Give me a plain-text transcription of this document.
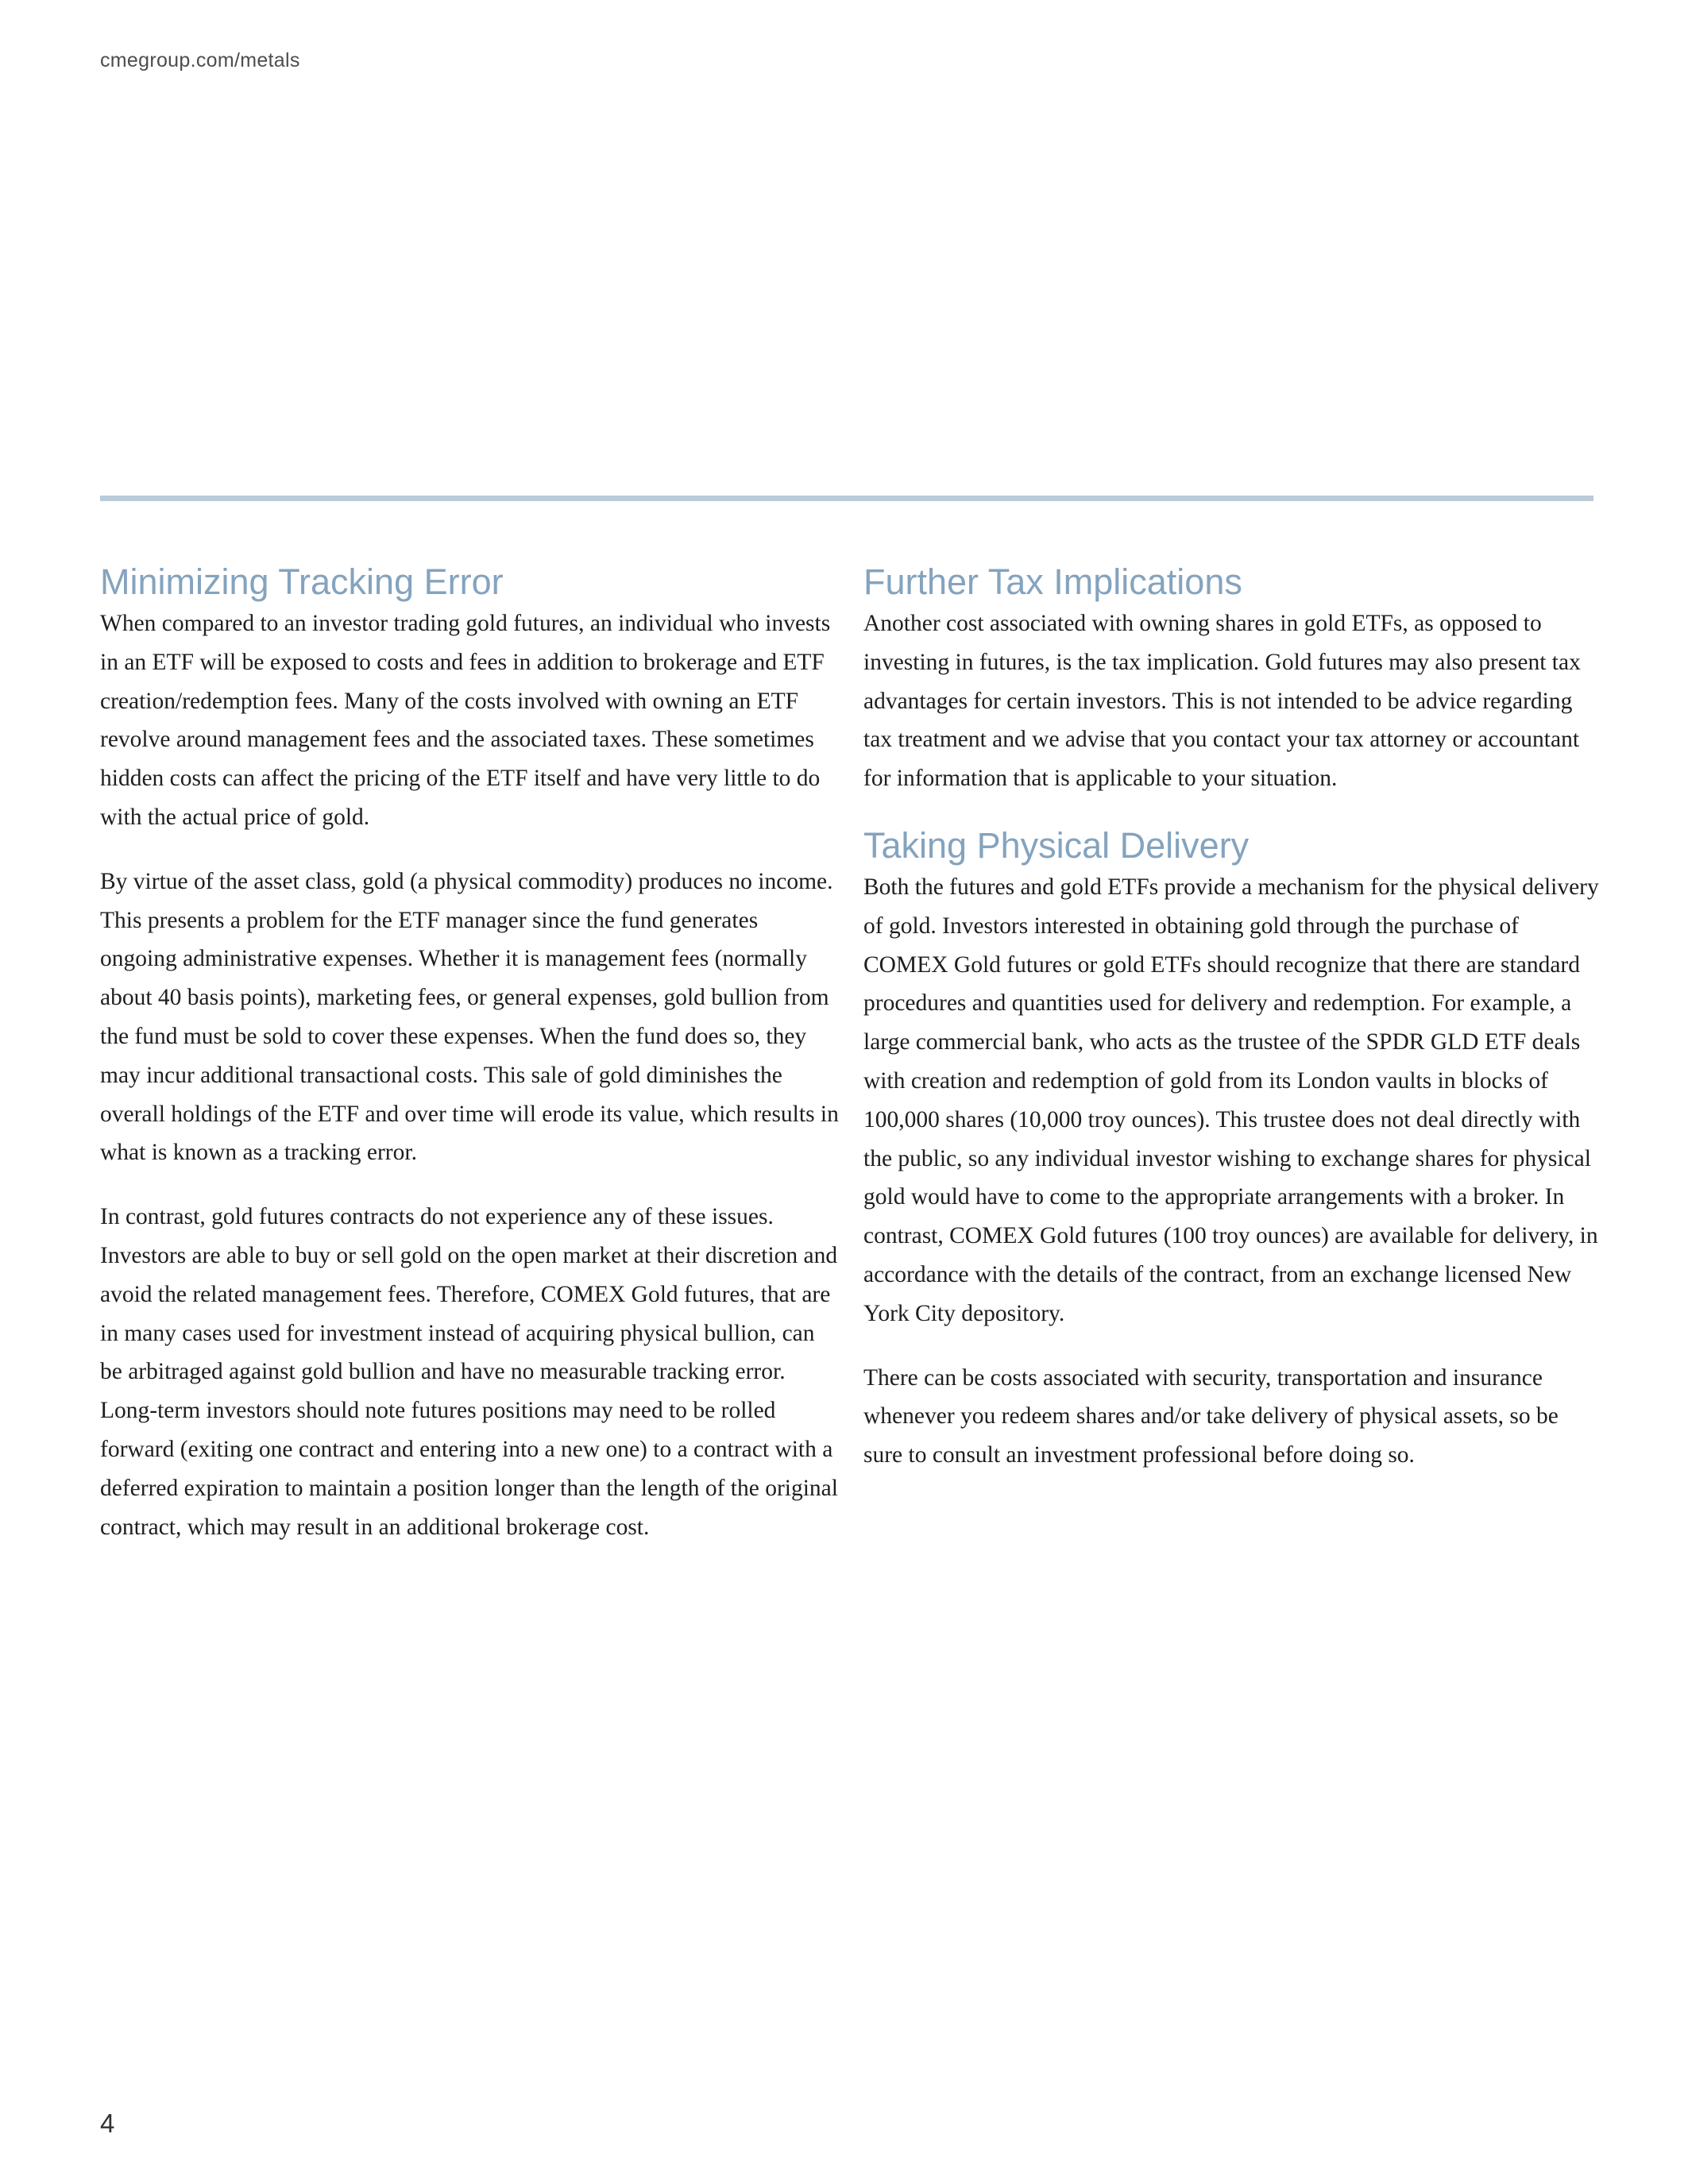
cmegroup.com/metals
Minimizing Tracking Error

When compared to an investor trading gold futures, an individual who invests in an ETF will be exposed to costs and fees in addition to brokerage and ETF creation/redemption fees. Many of the costs involved with owning an ETF revolve around management fees and the associated taxes. These sometimes hidden costs can affect the pricing of the ETF itself and have very little to do with the actual price of gold.

By virtue of the asset class, gold (a physical commodity) produces no income. This presents a problem for the ETF manager since the fund generates ongoing administrative expenses. Whether it is management fees (normally about 40 basis points), marketing fees, or general expenses, gold bullion from the fund must be sold to cover these expenses. When the fund does so, they may incur additional transactional costs. This sale of gold diminishes the overall holdings of the ETF and over time will erode its value, which results in what is known as a tracking error.

In contrast, gold futures contracts do not experience any of these issues. Investors are able to buy or sell gold on the open market at their discretion and avoid the related management fees. Therefore, COMEX Gold futures, that are in many cases used for investment instead of acquiring physical bullion, can be arbitraged against gold bullion and have no measurable tracking error. Long-term investors should note futures positions may need to be rolled forward (exiting one contract and entering into a new one) to a contract with a deferred expiration to maintain a position longer than the length of the original contract, which may result in an additional brokerage cost.

Further Tax Implications

Another cost associated with owning shares in gold ETFs, as opposed to investing in futures, is the tax implication. Gold futures may also present tax advantages for certain investors. This is not intended to be advice regarding tax treatment and we advise that you contact your tax attorney or accountant for information that is applicable to your situation.

Taking Physical Delivery

Both the futures and gold ETFs provide a mechanism for the physical delivery of gold. Investors interested in obtaining gold through the purchase of COMEX Gold futures or gold ETFs should recognize that there are standard procedures and quantities used for delivery and redemption. For example, a large commercial bank, who acts as the trustee of the SPDR GLD ETF deals with creation and redemption of gold from its London vaults in blocks of 100,000 shares (10,000 troy ounces). This trustee does not deal directly with the public, so any individual investor wishing to exchange shares for physical gold would have to come to the appropriate arrangements with a broker. In contrast, COMEX Gold futures (100 troy ounces) are available for delivery, in accordance with the details of the contract, from an exchange licensed New York City depository.

There can be costs associated with security, transportation and insurance whenever you redeem shares and/or take delivery of physical assets, so be sure to consult an investment professional before doing so.

4
